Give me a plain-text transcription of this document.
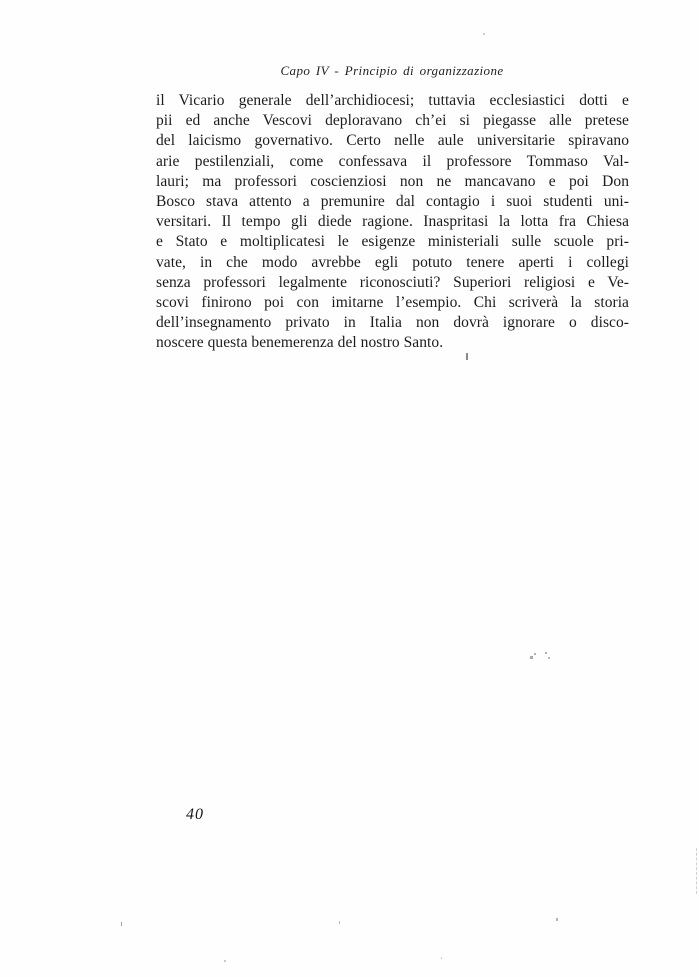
Capo IV - Principio di organizzazione
il Vicario generale dell’archidiocesi; tuttavia ecclesiastici dotti e
pii ed anche Vescovi deploravano ch’ei si piegasse alle pretese
del laicismo governativo. Certo nelle aule universitarie spiravano
arie pestilenziali, come confessava il professore Tommaso Val-
lauri; ma professori coscienziosi non ne mancavano e poi Don
Bosco stava attento a premunire dal contagio i suoi studenti uni-
versitari. Il tempo gli diede ragione. Inaspritasi la lotta fra Chiesa
e Stato e moltiplicatesi le esigenze ministeriali sulle scuole pri-
vate, in che modo avrebbe egli potuto tenere aperti i collegi
senza professori legalmente riconosciuti? Superiori religiosi e Ve-
scovi finirono poi con imitarne l’esempio. Chi scriverà la storia
dell’insegnamento privato in Italia non dovrà ignorare o disco-
noscere questa benemerenza del nostro Santo.
40
